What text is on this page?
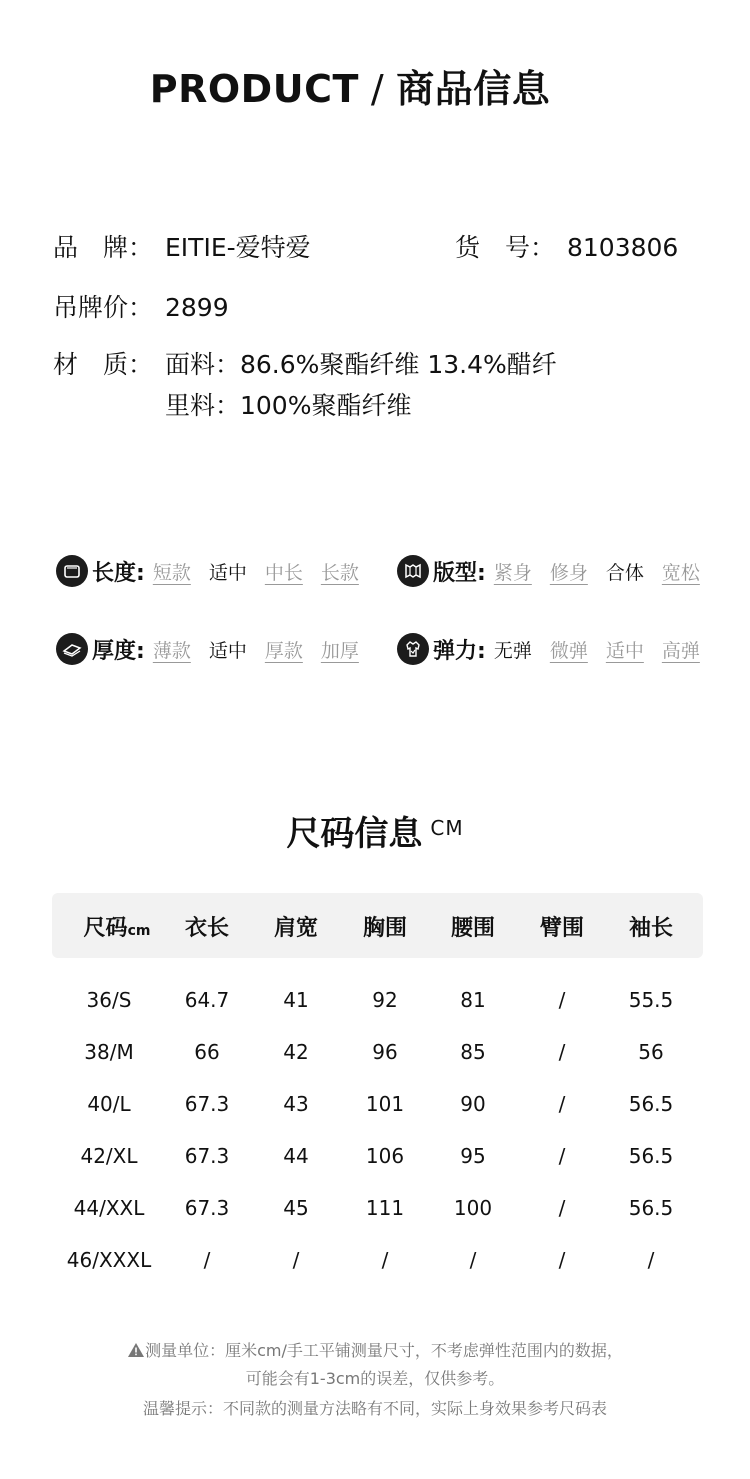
PRODUCT / 商品信息
品　牌： EITIE-爱特爱	货　号： 8103806
吊牌价： 2899
材　质： 面料：86.6%聚酯纤维 13.4%醋纤
里料：100%聚酯纤维
长度: 短款 适中 中长 长款	版型: 紧身 修身 合体 宽松
厚度: 薄款 适中 厚款 加厚	弹力: 无弹 微弹 适中 高弹
尺码信息 $^{CM}$
尺码cm	衣长	肩宽	胸围	腰围	臂围	袖长
36/S	64.7	41	92	81	/	55.5
38/M	66	42	96	85	/	56
40/L	67.3	43	101	90	/	56.5
42/XL	67.3	44	106	95	/	56.5
44/XXL	67.3	45	111	100	/	56.5
46/XXXL	/	/	/	/	/	/
测量单位：厘米cm/手工平铺测量尺寸，不考虑弹性范围内的数据，
可能会有1-3cm的误差，仅供参考。
温馨提示：不同款的测量方法略有不同，实际上身效果参考尺码表
